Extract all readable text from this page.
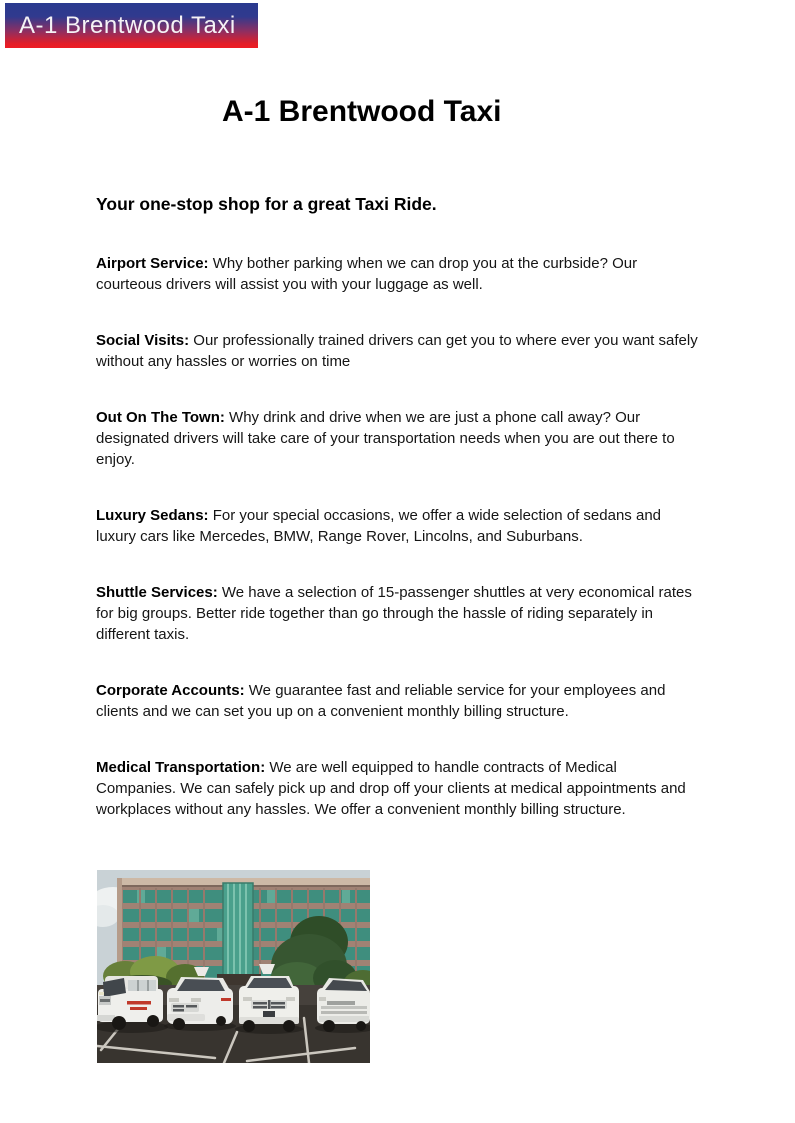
A-1 Brentwood Taxi
A-1 Brentwood Taxi
Your one-stop shop for a great Taxi Ride.

Airport Service: Why bother parking when we can drop you at the curbside? Our courteous drivers will assist you with your luggage as well.

Social Visits: Our professionally trained drivers can get you to where ever you want safely without any hassles or worries on time

Out On The Town: Why drink and drive when we are just a phone call away? Our designated drivers will take care of your transportation needs when you are out there to enjoy.

Luxury Sedans: For your special occasions, we offer a wide selection of sedans and luxury cars like Mercedes, BMW, Range Rover, Lincolns, and Suburbans.

Shuttle Services: We have a selection of 15-passenger shuttles at very economical rates for big groups. Better ride together than go through the hassle of riding separately in different taxis.

Corporate Accounts: We guarantee fast and reliable service for your employees and clients and we can set you up on a convenient monthly billing structure.

Medical Transportation: We are well equipped to handle contracts of Medical Companies. We can safely pick up and drop off your clients at medical appointments and workplaces without any hassles. We offer a convenient monthly billing structure.
